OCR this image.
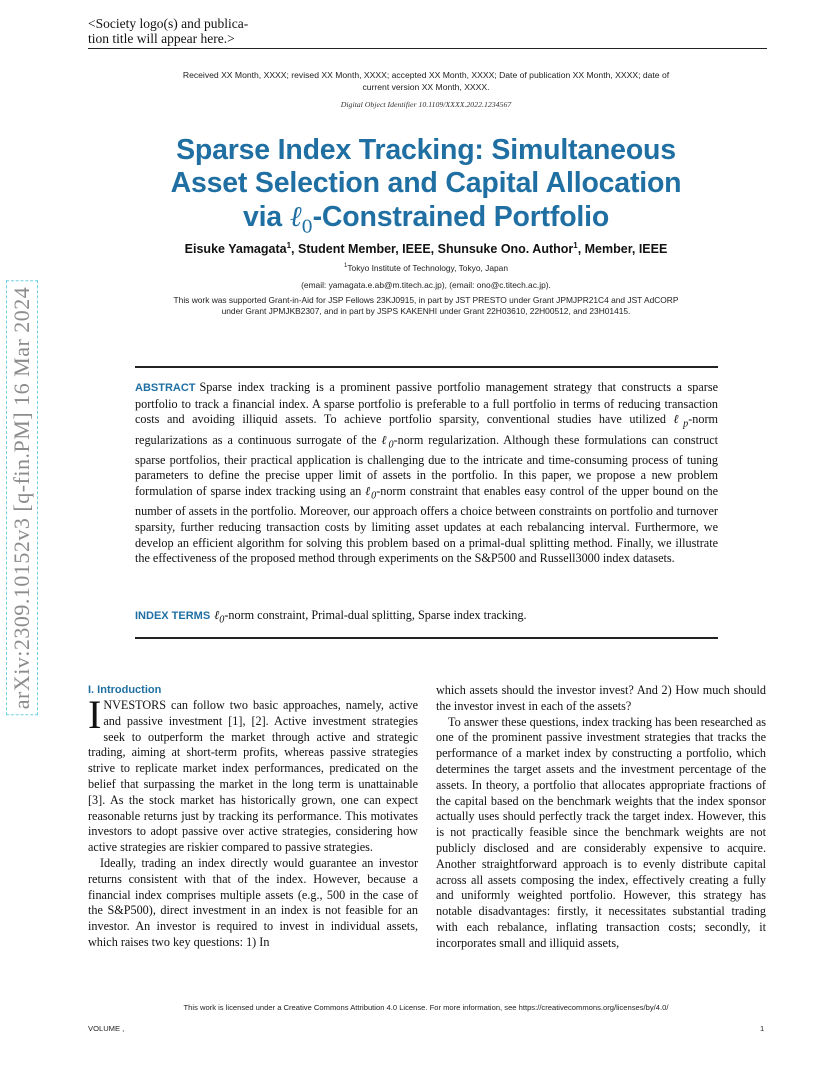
<Society logo(s) and publica-
tion title will appear here.>
Received XX Month, XXXX; revised XX Month, XXXX; accepted XX Month, XXXX; Date of publication XX Month, XXXX; date of
current version XX Month, XXXX.
Digital Object Identifier 10.1109/XXXX.2022.1234567
Sparse Index Tracking: Simultaneous
Asset Selection and Capital Allocation
via ℓ$_0$-Constrained Portfolio
Eisuke Yamagata$^1$, Student Member, IEEE, Shunsuke Ono. Author$^1$, Member, IEEE
$^1$Tokyo Institute of Technology, Tokyo, Japan
(email: yamagata.e.ab@m.titech.ac.jp), (email: ono@c.titech.ac.jp).
This work was supported Grant-in-Aid for JSP Fellows 23KJ0915, in part by JST PRESTO under Grant JPMJPR21C4 and JST AdCORP
under Grant JPMJKB2307, and in part by JSPS KAKENHI under Grant 22H03610, 22H00512, and 23H01415.
ABSTRACT Sparse index tracking is a prominent passive portfolio management strategy that constructs a sparse portfolio to track a financial index. A sparse portfolio is preferable to a full portfolio in terms of reducing transaction costs and avoiding illiquid assets. To achieve portfolio sparsity, conventional studies have utilized ℓ$_p$-norm regularizations as a continuous surrogate of the ℓ$_0$-norm regularization. Although these formulations can construct sparse portfolios, their practical application is challenging due to the intricate and time-consuming process of tuning parameters to define the precise upper limit of assets in the portfolio. In this paper, we propose a new problem formulation of sparse index tracking using an ℓ$_0$-norm constraint that enables easy control of the upper bound on the number of assets in the portfolio. Moreover, our approach offers a choice between constraints on portfolio and turnover sparsity, further reducing transaction costs by limiting asset updates at each rebalancing interval. Furthermore, we develop an efficient algorithm for solving this problem based on a primal-dual splitting method. Finally, we illustrate the effectiveness of the proposed method through experiments on the S&P500 and Russell3000 index datasets.
INDEX TERMS ℓ$_0$-norm constraint, Primal-dual splitting, Sparse index tracking.
I. Introduction

INVESTORS can follow two basic approaches, namely, active and passive investment [1], [2]. Active investment strategies seek to outperform the market through active and strategic trading, aiming at short-term profits, whereas passive strategies strive to replicate market index performances, predicated on the belief that surpassing the market in the long term is unattainable [3]. As the stock market has historically grown, one can expect reasonable returns just by tracking its performance. This motivates investors to adopt passive over active strategies, considering how active strategies are riskier compared to passive strategies.

Ideally, trading an index directly would guarantee an investor returns consistent with that of the index. However, because a financial index comprises multiple assets (e.g., 500 in the case of the S&P500), direct investment in an index is not feasible for an investor. An investor is required to invest in individual assets, which raises two key questions: 1) In

which assets should the investor invest? And 2) How much should the investor invest in each of the assets?

To answer these questions, index tracking has been researched as one of the prominent passive investment strategies that tracks the performance of a market index by constructing a portfolio, which determines the target assets and the investment percentage of the assets. In theory, a portfolio that allocates appropriate fractions of the capital based on the benchmark weights that the index sponsor actually uses should perfectly track the target index. However, this is not practically feasible since the benchmark weights are not publicly disclosed and are considerably expensive to acquire. Another straightforward approach is to evenly distribute capital across all assets composing the index, effectively creating a fully and uniformly weighted portfolio. However, this strategy has notable disadvantages: firstly, it necessitates substantial trading with each rebalance, inflating transaction costs; secondly, it incorporates small and illiquid assets,

arXiv:2309.10152v3 [q-fin.PM] 16 Mar 2024
This work is licensed under a Creative Commons Attribution 4.0 License. For more information, see https://creativecommons.org/licenses/by/4.0/
VOLUME ,	1
